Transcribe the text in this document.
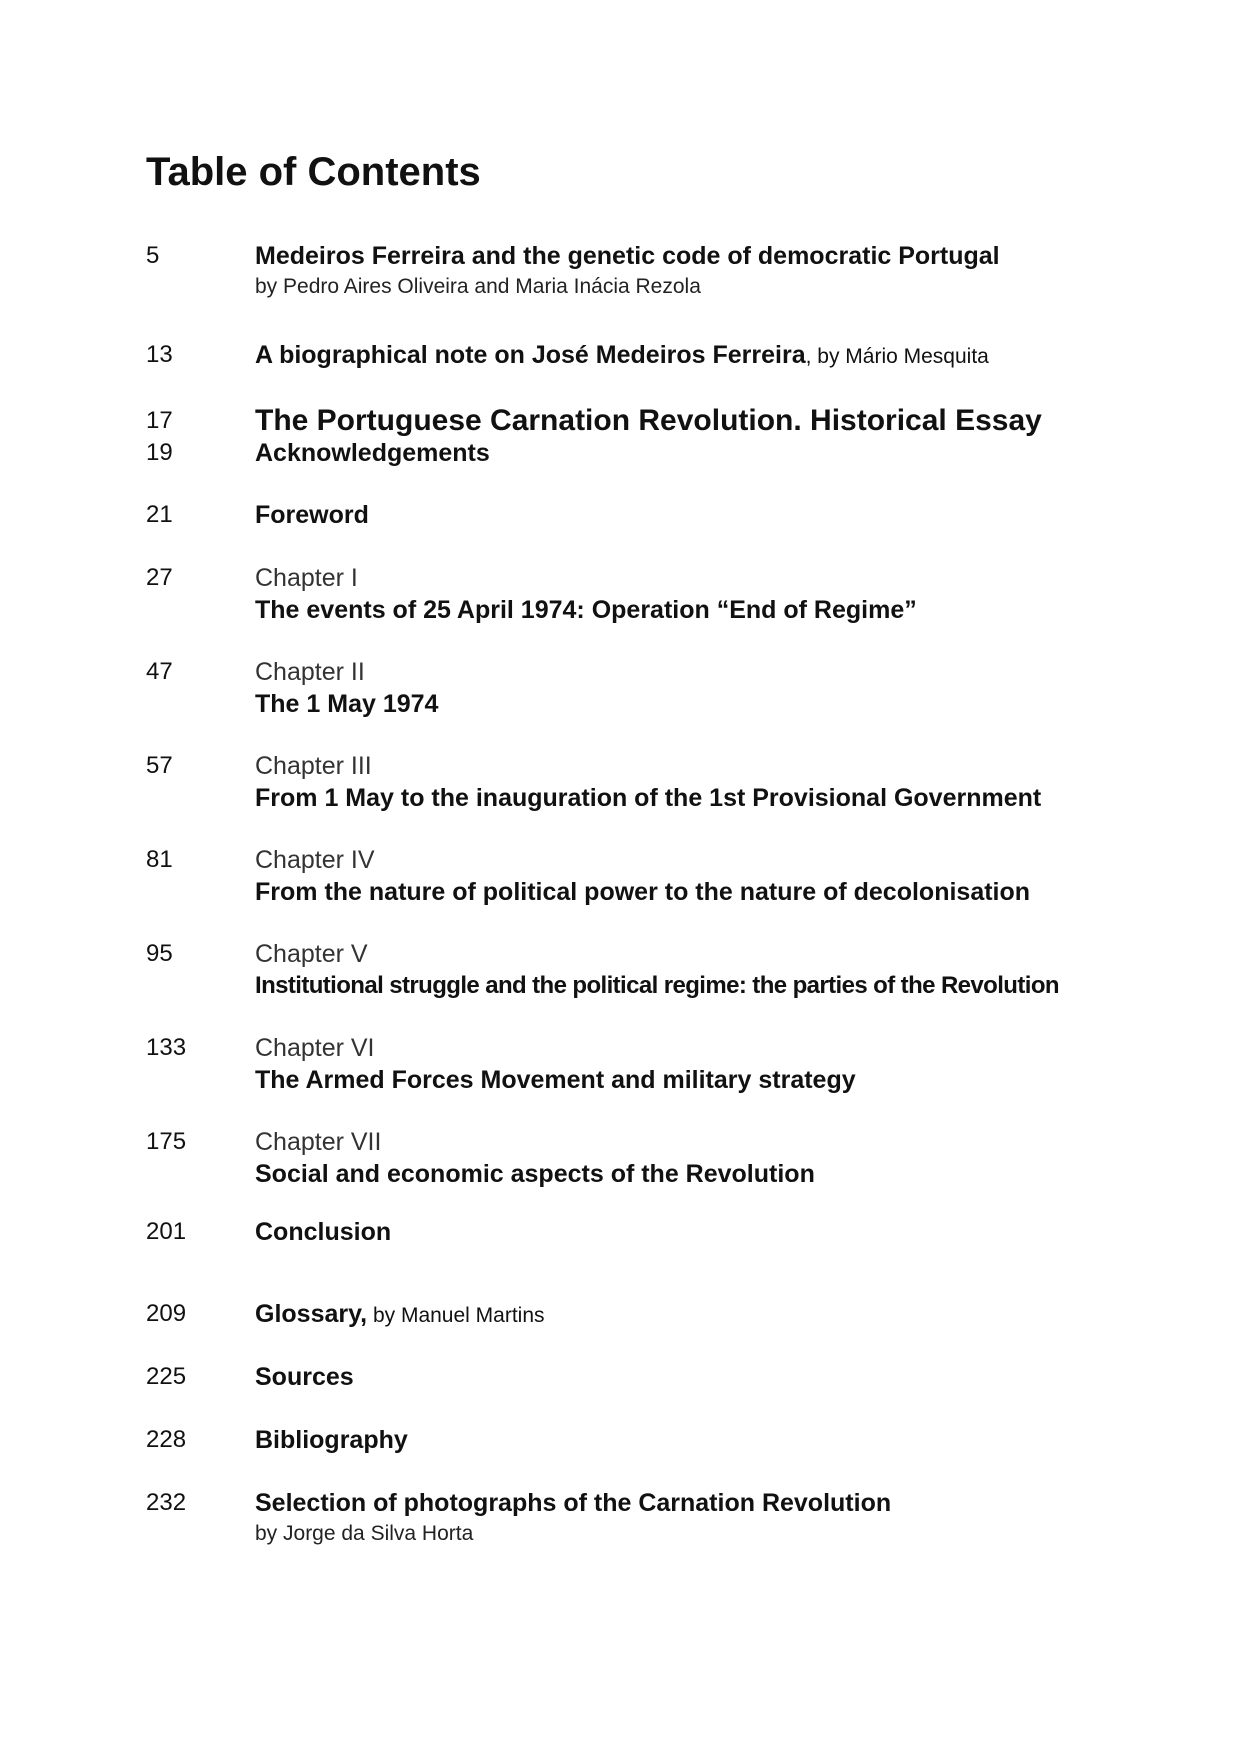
Table of Contents
5	Medeiros Ferreira and the genetic code of democratic Portugal
by Pedro Aires Oliveira and Maria Inácia Rezola
13	A biographical note on José Medeiros Ferreira, by Mário Mesquita
17	The Portuguese Carnation Revolution. Historical Essay
19	Acknowledgements
21	Foreword
27	Chapter I
The events of 25 April 1974: Operation “End of Regime”
47	Chapter II
The 1 May 1974
57	Chapter III
From 1 May to the inauguration of the 1st Provisional Government
81	Chapter IV
From the nature of political power to the nature of decolonisation
95	Chapter V
Institutional struggle and the political regime: the parties of the Revolution
133	Chapter VI
The Armed Forces Movement and military strategy
175	Chapter VII
Social and economic aspects of the Revolution
201	Conclusion
209	Glossary, by Manuel Martins
225	Sources
228	Bibliography
232	Selection of photographs of the Carnation Revolution
by Jorge da Silva Horta
